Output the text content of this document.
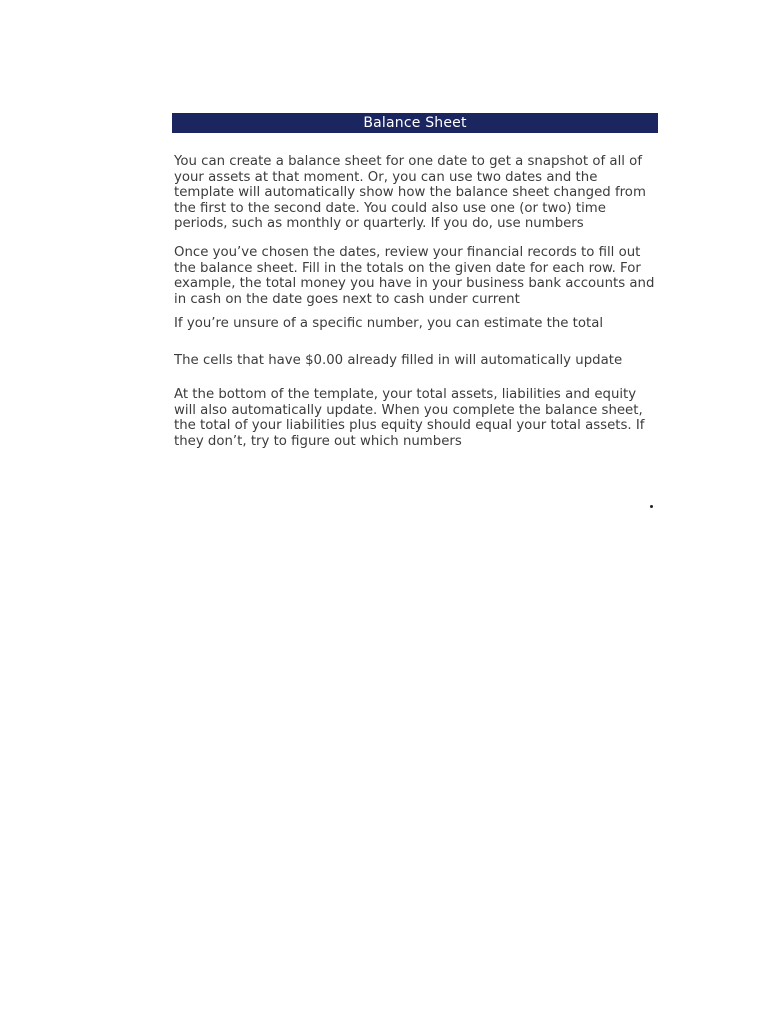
Balance Sheet
You can create a balance sheet for one date to get a snapshot of all of your assets at that moment. Or, you can use two dates and the template will automatically show how the balance sheet changed from the first to the second date. You could also use one (or two) time periods, such as monthly or quarterly. If you do, use numbers
Once you’ve chosen the dates, review your financial records to fill out the balance sheet. Fill in the totals on the given date for each row. For example, the total money you have in your business bank accounts and in cash on the date goes next to cash under current
If you’re unsure of a specific number, you can estimate the total
The cells that have $0.00 already filled in will automatically update
At the bottom of the template, your total assets, liabilities and equity will also automatically update. When you complete the balance sheet, the total of your liabilities plus equity should equal your total assets. If they don’t, try to figure out which numbers
